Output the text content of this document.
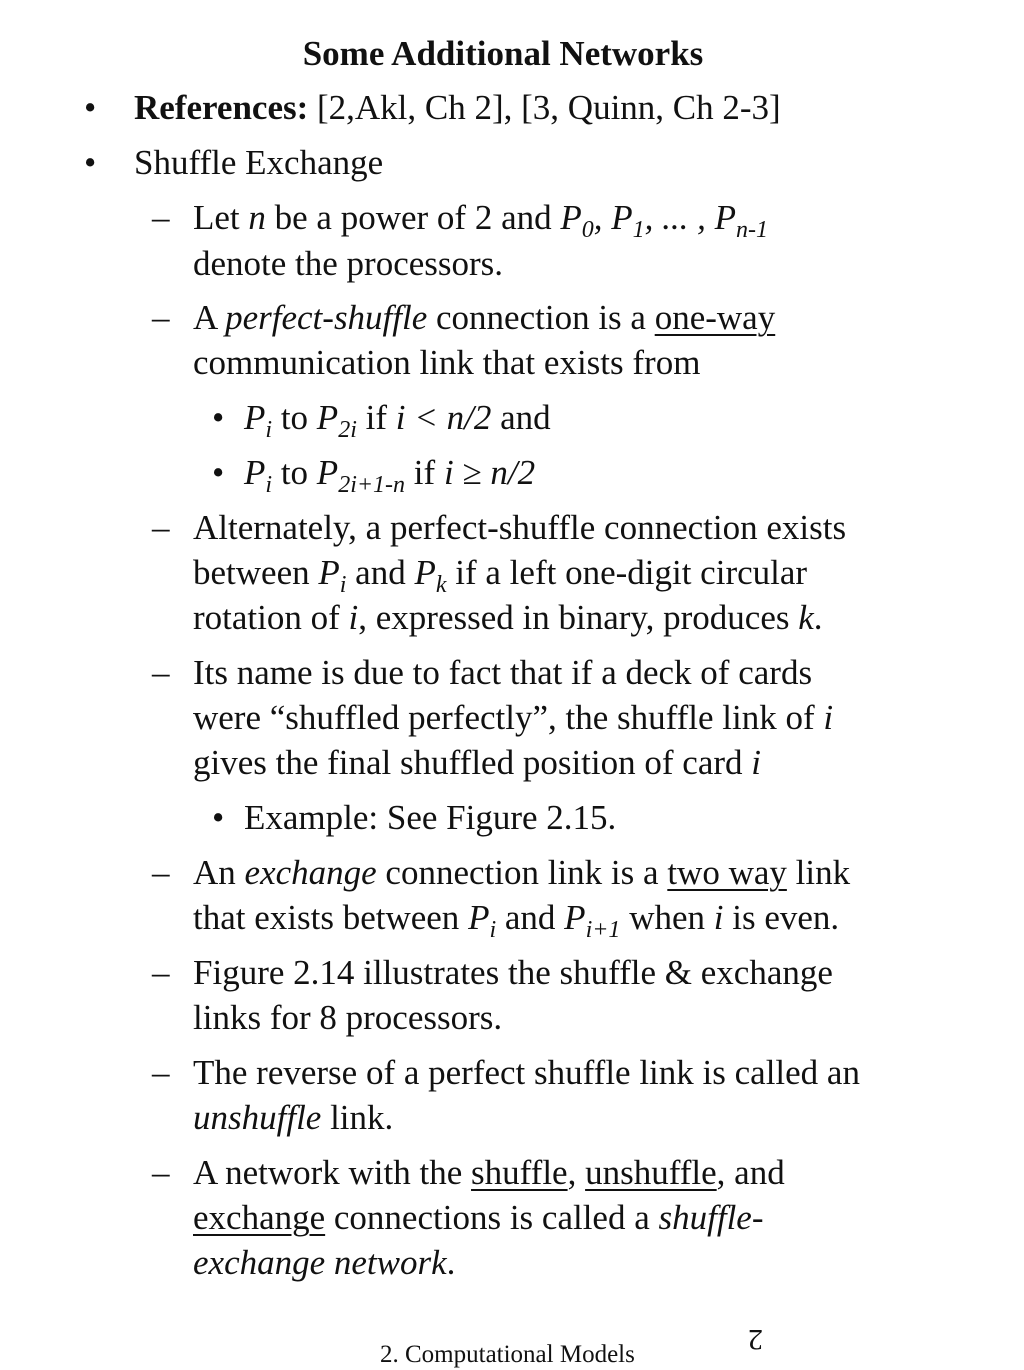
Some Additional Networks
• References: [2,Akl, Ch 2], [3, Quinn, Ch 2-3]
• Shuffle Exchange
– Let n be a power of 2 and $P_0$, $P_1$, ... , $P_{n-1}$
denote the processors.
– A perfect-shuffle connection is a one-way
communication link that exists from
• $P_i$ to $P_{2i}$ if i < n/2 and
• $P_i$ to $P_{2i+1-n}$ if i ≥ n/2
– Alternately, a perfect-shuffle connection exists
between $P_i$ and $P_k$ if a left one-digit circular
rotation of i, expressed in binary, produces k.
– Its name is due to fact that if a deck of cards
were “shuffled perfectly”, the shuffle link of i
gives the final shuffled position of card i
• Example: See Figure 2.15.
– An exchange connection link is a two way link
that exists between $P_i$ and $P_{i+1}$ when i is even.
– Figure 2.14 illustrates the shuffle & exchange
links for 8 processors.
– The reverse of a perfect shuffle link is called an
unshuffle link.
– A network with the shuffle, unshuffle, and
exchange connections is called a shuffle-
exchange network.
2. Computational Models	2
